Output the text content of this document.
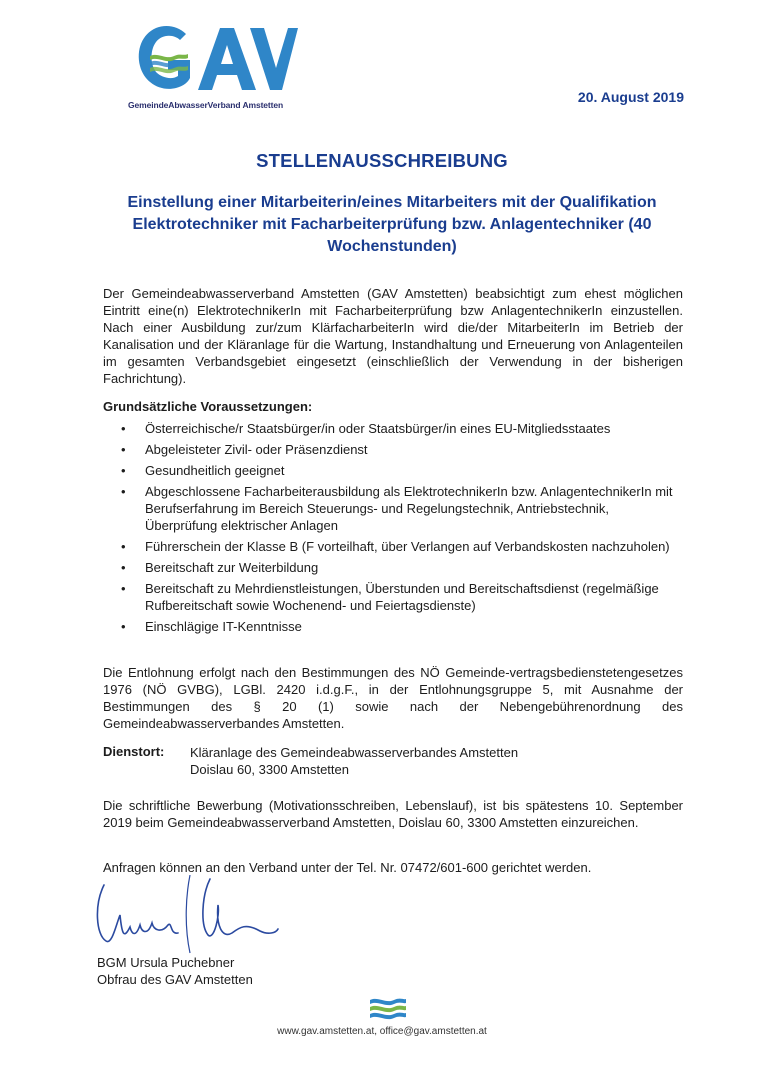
GemeindeAbwasserVerband Amstetten	20. August 2019
STELLENAUSSCHREIBUNG
Einstellung einer Mitarbeiterin/eines Mitarbeiters mit der Qualifikation Elektrotechniker mit Facharbeiterprüfung bzw. Anlagentechniker (40 Wochenstunden)
Der Gemeindeabwasserverband Amstetten (GAV Amstetten) beabsichtigt zum ehest möglichen Eintritt eine(n) ElektrotechnikerIn mit Facharbeiterprüfung bzw AnlagentechnikerIn einzustellen. Nach einer Ausbildung zur/zum KlärfacharbeiterIn wird die/der MitarbeiterIn im Betrieb der Kanalisation und der Kläranlage für die Wartung, Instandhaltung und Erneuerung von Anlagenteilen im gesamten Verbandsgebiet eingesetzt (einschließlich der Verwendung in der bisherigen Fachrichtung).
Grundsätzliche Voraussetzungen:
• Österreichische/r Staatsbürger/in oder Staatsbürger/in eines EU-Mitgliedsstaates
• Abgeleisteter Zivil- oder Präsenzdienst
• Gesundheitlich geeignet
• Abgeschlossene Facharbeiterausbildung als ElektrotechnikerIn bzw. AnlagentechnikerIn mit Berufserfahrung im Bereich Steuerungs- und Regelungstechnik, Antriebstechnik, Überprüfung elektrischer Anlagen
• Führerschein der Klasse B (F vorteilhaft, über Verlangen auf Verbandskosten nachzuholen)
• Bereitschaft zur Weiterbildung
• Bereitschaft zu Mehrdienstleistungen, Überstunden und Bereitschaftsdienst (regelmäßige Rufbereitschaft sowie Wochenend- und Feiertagsdienste)
• Einschlägige IT-Kenntnisse
Die Entlohnung erfolgt nach den Bestimmungen des NÖ Gemeinde-vertragsbedienstetengesetzes 1976 (NÖ GVBG), LGBl. 2420 i.d.g.F., in der Entlohnungsgruppe 5, mit Ausnahme der Bestimmungen des § 20 (1) sowie nach der Nebengebührenordnung des Gemeindeabwasserverbandes Amstetten.
Dienstort: Kläranlage des Gemeindeabwasserverbandes Amstetten
Doislau 60, 3300 Amstetten
Die schriftliche Bewerbung (Motivationsschreiben, Lebenslauf), ist bis spätestens 10. September 2019 beim Gemeindeabwasserverband Amstetten, Doislau 60, 3300 Amstetten einzureichen.
Anfragen können an den Verband unter der Tel. Nr. 07472/601-600 gerichtet werden.
BGM Ursula Puchebner
Obfrau des GAV Amstetten
www.gav.amstetten.at, office@gav.amstetten.at
